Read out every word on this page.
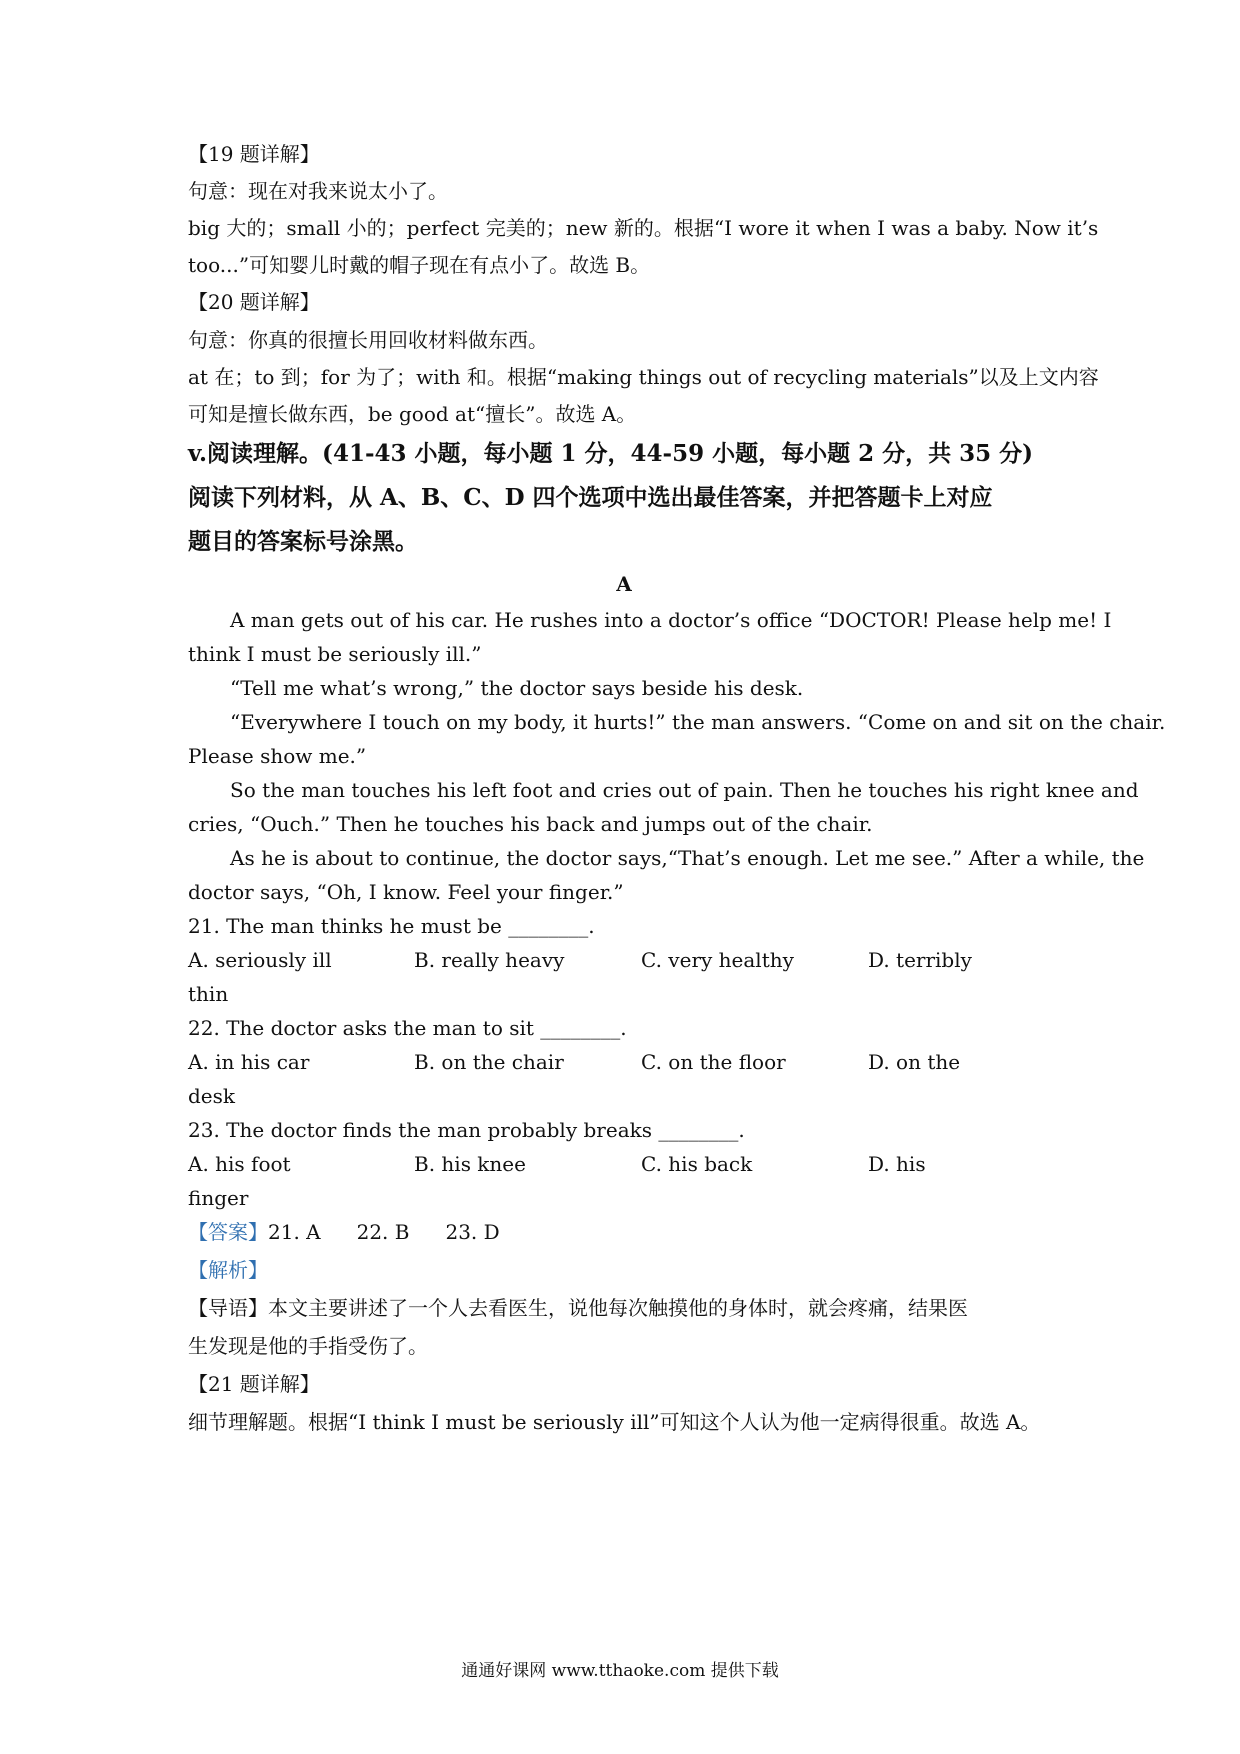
【19 题详解】
句意：现在对我来说太小了。
big 大的；small 小的；perfect 完美的；new 新的。根据“I wore it when I was a baby. Now it’s
too...”可知婴儿时戴的帽子现在有点小了。故选 B。
【20 题详解】
句意：你真的很擅长用回收材料做东西。
at 在；to 到；for 为了；with 和。根据“making things out of recycling materials”以及上文内容
可知是擅长做东西，be good at“擅长”。故选 A。
v.阅读理解。(41-43 小题，每小题 1 分，44-59 小题，每小题 2 分，共 35 分)
阅读下列材料，从 A、B、C、D 四个选项中选出最佳答案，并把答题卡上对应
题目的答案标号涂黑。
A
A man gets out of his car. He rushes into a doctor’s office “DOCTOR! Please help me! I
think I must be seriously ill.”
“Tell me what’s wrong,” the doctor says beside his desk.
“Everywhere I touch on my body, it hurts!” the man answers. “Come on and sit on the chair.
Please show me.”
So the man touches his left foot and cries out of pain. Then he touches his right knee and
cries, “Ouch.” Then he touches his back and jumps out of the chair.
As he is about to continue, the doctor says,“That’s enough. Let me see.” After a while, the
doctor says, “Oh, I know. Feel your finger.”
21. The man thinks he must be ________.
A. seriously ill	B. really heavy	C. very healthy	D. terribly
thin
22. The doctor asks the man to sit ________.
A. in his car	B. on the chair	C. on the floor	D. on the
desk
23. The doctor finds the man probably breaks ________.
A. his foot	B. his knee	C. his back	D. his
finger
【答案】21. A 22. B 23. D
【解析】
【导语】本文主要讲述了一个人去看医生，说他每次触摸他的身体时，就会疼痛，结果医
生发现是他的手指受伤了。
【21 题详解】
细节理解题。根据“I think I must be seriously ill”可知这个人认为他一定病得很重。故选 A。
通通好课网 www.tthaoke.com 提供下载
